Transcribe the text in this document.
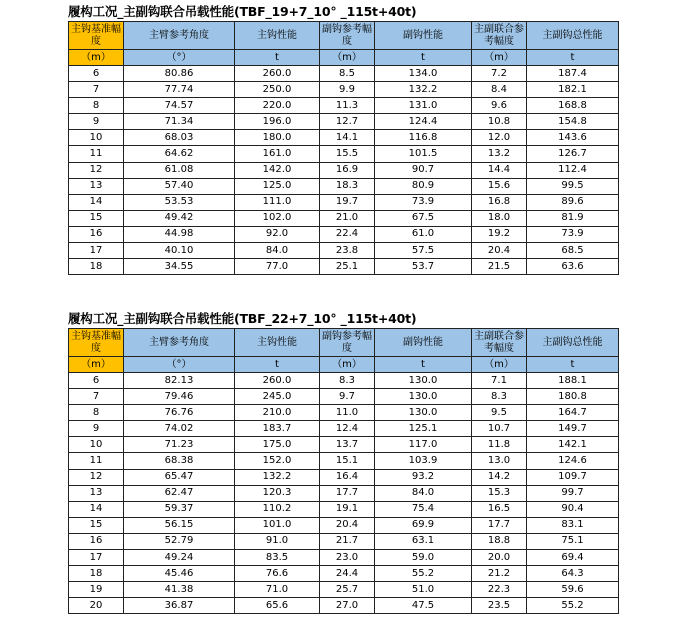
履构工况_主副钩联合吊载性能(TBF_19+7_10° _115t+40t)
主钩基准幅度	主臂参考角度	主钩性能	副钩参考幅度	副钩性能	主副联合参考幅度	主副钩总性能
（m）	（°）	t	（m）	t	（m）	t
6	80.86	260.0	8.5	134.0	7.2	187.4
7	77.74	250.0	9.9	132.2	8.4	182.1
8	74.57	220.0	11.3	131.0	9.6	168.8
9	71.34	196.0	12.7	124.4	10.8	154.8
10	68.03	180.0	14.1	116.8	12.0	143.6
11	64.62	161.0	15.5	101.5	13.2	126.7
12	61.08	142.0	16.9	90.7	14.4	112.4
13	57.40	125.0	18.3	80.9	15.6	99.5
14	53.53	111.0	19.7	73.9	16.8	89.6
15	49.42	102.0	21.0	67.5	18.0	81.9
16	44.98	92.0	22.4	61.0	19.2	73.9
17	40.10	84.0	23.8	57.5	20.4	68.5
18	34.55	77.0	25.1	53.7	21.5	63.6
履构工况_主副钩联合吊载性能(TBF_22+7_10° _115t+40t)
主钩基准幅度	主臂参考角度	主钩性能	副钩参考幅度	副钩性能	主副联合参考幅度	主副钩总性能
（m）	（°）	t	（m）	t	（m）	t
6	82.13	260.0	8.3	130.0	7.1	188.1
7	79.46	245.0	9.7	130.0	8.3	180.8
8	76.76	210.0	11.0	130.0	9.5	164.7
9	74.02	183.7	12.4	125.1	10.7	149.7
10	71.23	175.0	13.7	117.0	11.8	142.1
11	68.38	152.0	15.1	103.9	13.0	124.6
12	65.47	132.2	16.4	93.2	14.2	109.7
13	62.47	120.3	17.7	84.0	15.3	99.7
14	59.37	110.2	19.1	75.4	16.5	90.4
15	56.15	101.0	20.4	69.9	17.7	83.1
16	52.79	91.0	21.7	63.1	18.8	75.1
17	49.24	83.5	23.0	59.0	20.0	69.4
18	45.46	76.6	24.4	55.2	21.2	64.3
19	41.38	71.0	25.7	51.0	22.3	59.6
20	36.87	65.6	27.0	47.5	23.5	55.2
